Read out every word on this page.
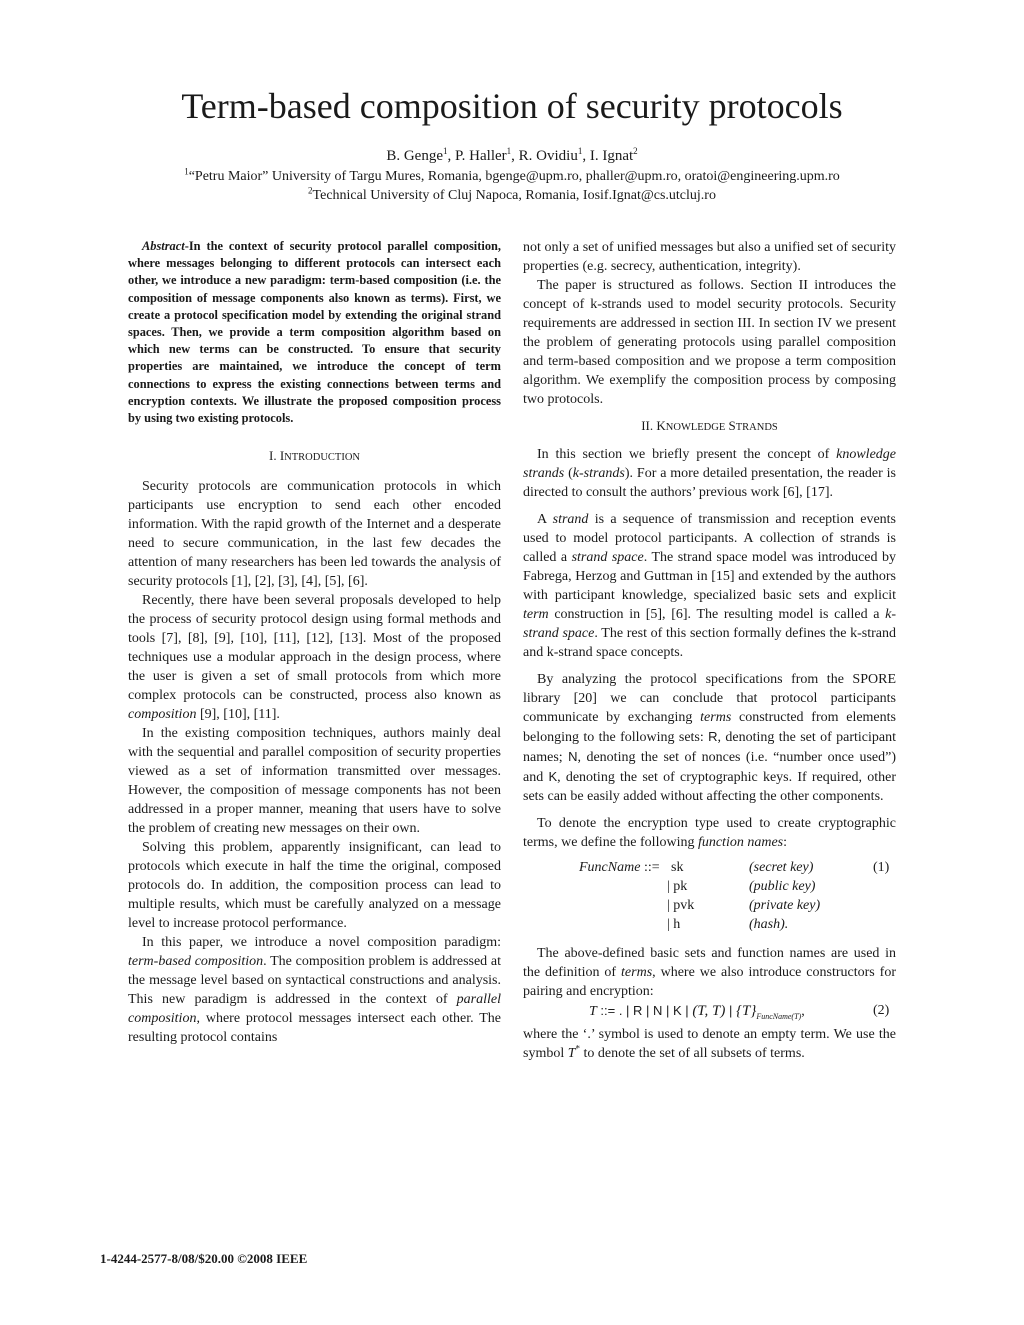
Term-based composition of security protocols
B. Genge$^1$, P. Haller$^1$, R. Ovidiu$^1$, I. Ignat$^2$
$^1$“Petru Maior” University of Targu Mures, Romania, bgenge@upm.ro, phaller@upm.ro, oratoi@engineering.upm.ro
$^2$Technical University of Cluj Napoca, Romania, Iosif.Ignat@cs.utcluj.ro
Abstract-In the context of security protocol parallel composition, where messages belonging to different protocols can intersect each other, we introduce a new paradigm: term-based composition (i.e. the composition of message components also known as terms). First, we create a protocol specification model by extending the original strand spaces. Then, we provide a term composition algorithm based on which new terms can be constructed. To ensure that security properties are maintained, we introduce the concept of term connections to express the existing connections between terms and encryption contexts. We illustrate the proposed composition process by using two existing protocols.
I. INTRODUCTION

Security protocols are communication protocols in which participants use encryption to send each other encoded information. With the rapid growth of the Internet and a desperate need to secure communication, in the last few decades the attention of many researchers has been led towards the analysis of security protocols [1], [2], [3], [4], [5], [6].

Recently, there have been several proposals developed to help the process of security protocol design using formal methods and tools [7], [8], [9], [10], [11], [12], [13]. Most of the proposed techniques use a modular approach in the design process, where the user is given a set of small protocols from which more complex protocols can be constructed, process also known as composition [9], [10], [11].

In the existing composition techniques, authors mainly deal with the sequential and parallel composition of security properties viewed as a set of information transmitted over messages. However, the composition of message components has not been addressed in a proper manner, meaning that users have to solve the problem of creating new messages on their own.

Solving this problem, apparently insignificant, can lead to protocols which execute in half the time the original, composed protocols do. In addition, the composition process can lead to multiple results, which must be carefully analyzed on a message level to increase protocol performance.

In this paper, we introduce a novel composition paradigm: term-based composition. The composition problem is addressed at the message level based on syntactical constructions and analysis. This new paradigm is addressed in the context of parallel composition, where protocol messages intersect each other. The resulting protocol contains

not only a set of unified messages but also a unified set of security properties (e.g. secrecy, authentication, integrity).

The paper is structured as follows. Section II introduces the concept of k-strands used to model security protocols. Security requirements are addressed in section III. In section IV we present the problem of generating protocols using parallel composition and term-based composition and we propose a term composition algorithm. We exemplify the composition process by composing two protocols.

II. KNOWLEDGE STRANDS

In this section we briefly present the concept of knowledge strands (k-strands). For a more detailed presentation, the reader is directed to consult the authors’ previous work [6], [17].

A strand is a sequence of transmission and reception events used to model protocol participants. A collection of strands is called a strand space. The strand space model was introduced by Fabrega, Herzog and Guttman in [15] and extended by the authors with participant knowledge, specialized basic sets and explicit term construction in [5], [6]. The resulting model is called a k-strand space. The rest of this section formally defines the k-strand and k-strand space concepts.

By analyzing the protocol specifications from the SPORE library [20] we can conclude that protocol participants communicate by exchanging terms constructed from elements belonging to the following sets: R, denoting the set of participant names; N, denoting the set of nonces (i.e. “number once used”) and K, denoting the set of cryptographic keys. If required, other sets can be easily added without affecting the other components.

To denote the encryption type used to create cryptographic terms, we define the following function names:

FuncName ::= sk
| pk
| pvk
| h
(secret key)
(public key)
(private key)
(hash).
(1)

The above-defined basic sets and function names are used in the definition of terms, where we also introduce constructors for pairing and encryption:

T ::= . | R | N | K | (T, T) | $\{T\}_{FuncName(T)}$,	(2)

where the ‘.’ symbol is used to denote an empty term. We use the symbol T* to denote the set of all subsets of terms.

1-4244-2577-8/08/$20.00 ©2008 IEEE
